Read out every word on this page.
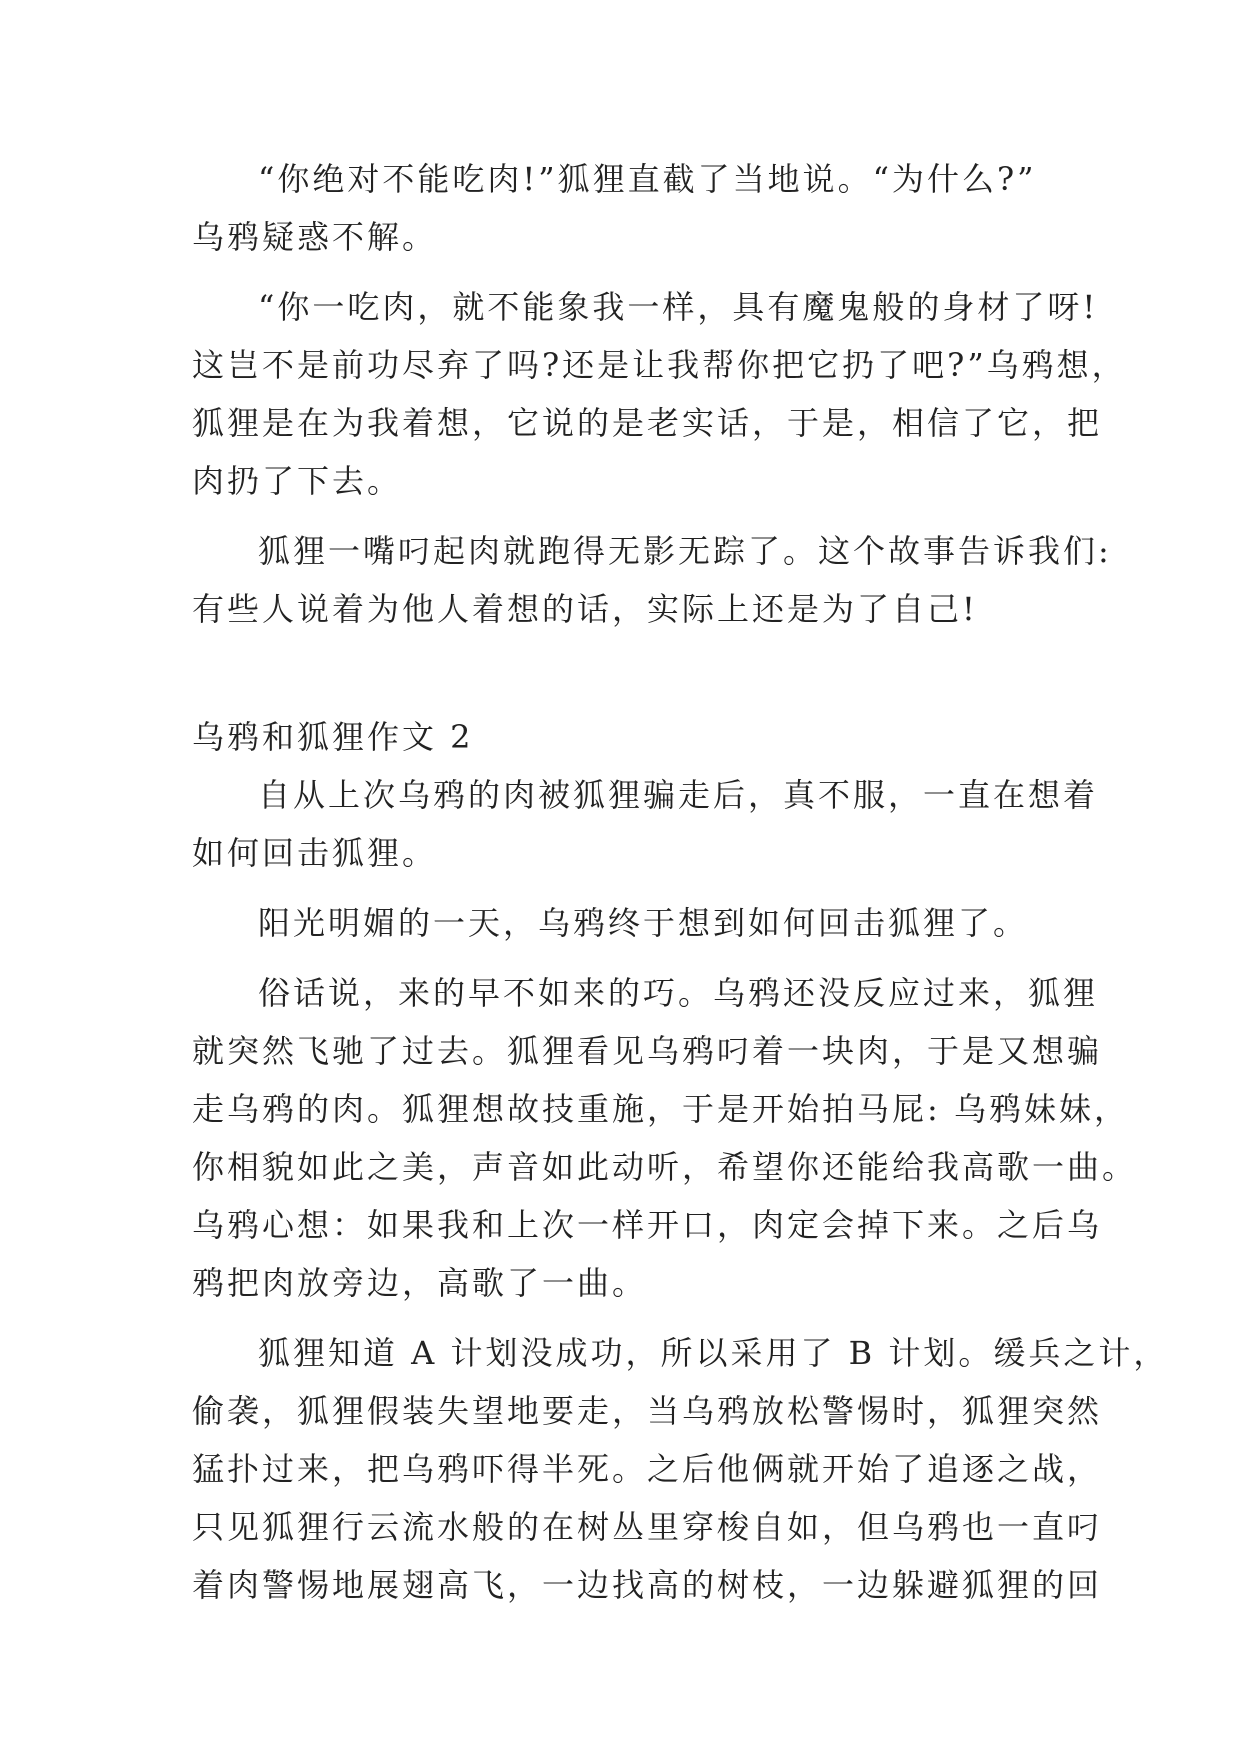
“你绝对不能吃肉!”狐狸直截了当地说。“为什么?”
乌鸦疑惑不解。
“你一吃肉，就不能象我一样，具有魔鬼般的身材了呀!
这岂不是前功尽弃了吗?还是让我帮你把它扔了吧?”乌鸦想，
狐狸是在为我着想，它说的是老实话，于是，相信了它，把
肉扔了下去。
狐狸一嘴叼起肉就跑得无影无踪了。这个故事告诉我们:
有些人说着为他人着想的话，实际上还是为了自己!
乌鸦和狐狸作文 2
自从上次乌鸦的肉被狐狸骗走后，真不服，一直在想着
如何回击狐狸。
阳光明媚的一天，乌鸦终于想到如何回击狐狸了。
俗话说，来的早不如来的巧。乌鸦还没反应过来，狐狸
就突然飞驰了过去。狐狸看见乌鸦叼着一块肉，于是又想骗
走乌鸦的肉。狐狸想故技重施，于是开始拍马屁: 乌鸦妹妹，
你相貌如此之美，声音如此动听，希望你还能给我高歌一曲。
乌鸦心想：如果我和上次一样开口，肉定会掉下来。之后乌
鸦把肉放旁边，高歌了一曲。
狐狸知道 A 计划没成功，所以采用了 B 计划。缓兵之计，
偷袭，狐狸假装失望地要走，当乌鸦放松警惕时，狐狸突然
猛扑过来，把乌鸦吓得半死。之后他俩就开始了追逐之战，
只见狐狸行云流水般的在树丛里穿梭自如，但乌鸦也一直叼
着肉警惕地展翅高飞，一边找高的树枝，一边躲避狐狸的回
